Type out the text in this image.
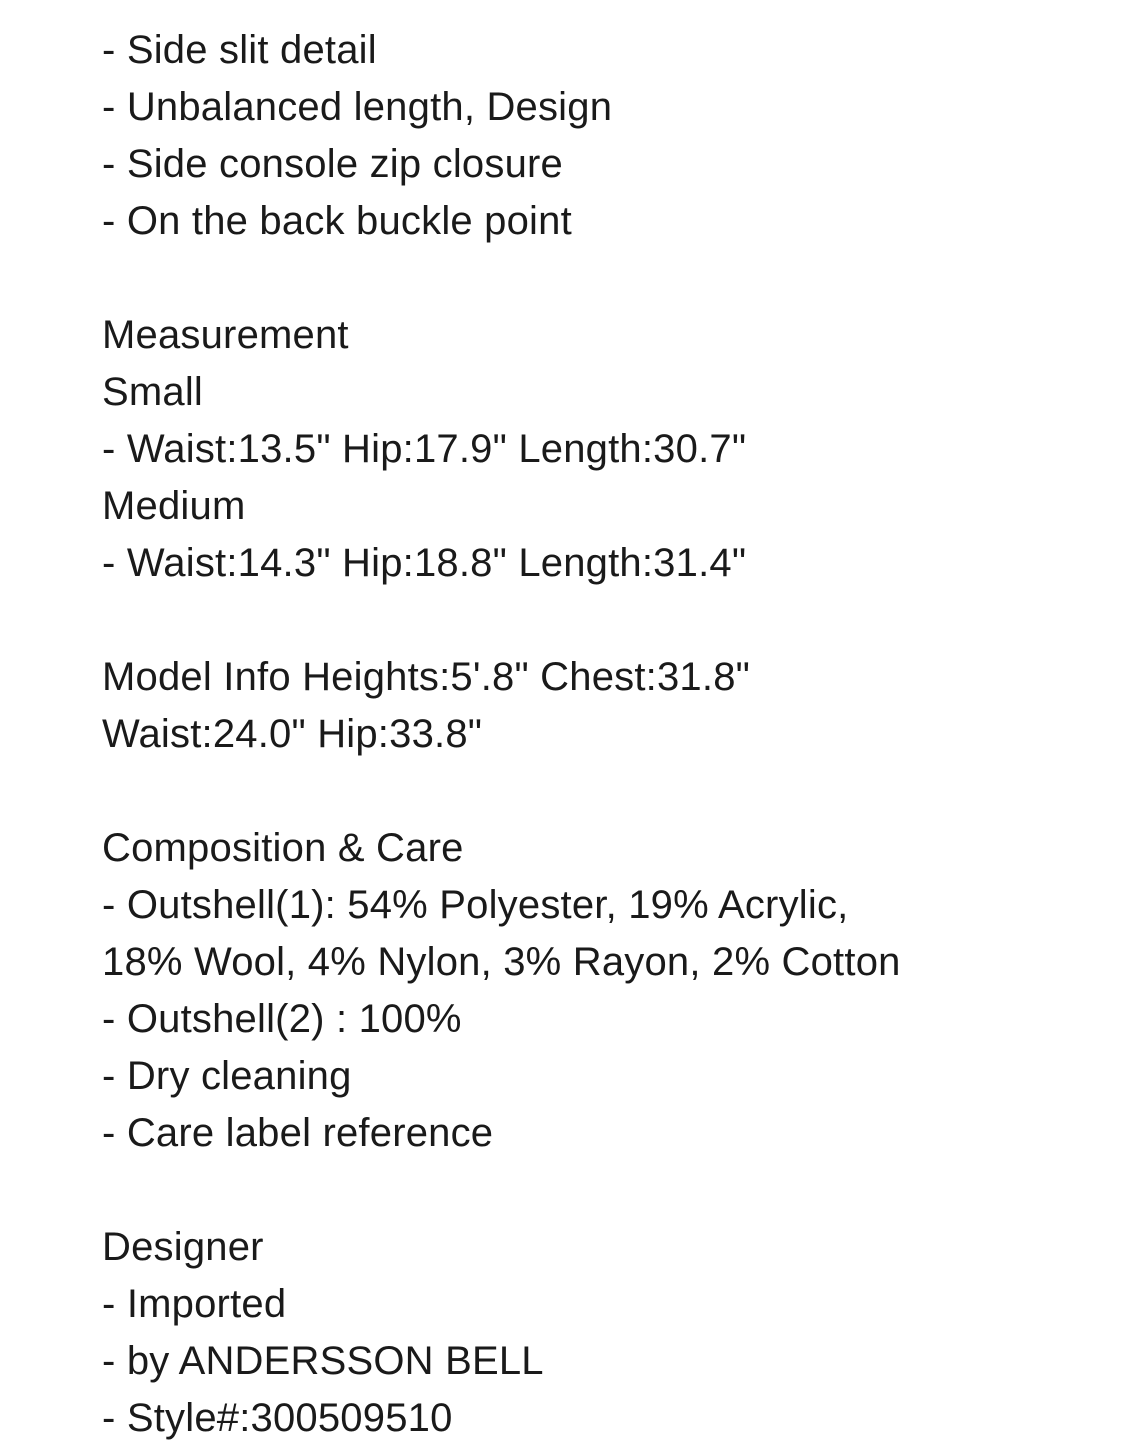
- Side slit detail
- Unbalanced length, Design
- Side console zip closure
- On the back buckle point
Measurement
Small
- Waist:13.5" Hip:17.9" Length:30.7"
Medium
- Waist:14.3" Hip:18.8" Length:31.4"
Model Info Heights:5'.8" Chest:31.8"
Waist:24.0" Hip:33.8"
Composition & Care
- Outshell(1): 54% Polyester, 19% Acrylic,
18% Wool, 4% Nylon, 3% Rayon, 2% Cotton
- Outshell(2) : 100%
- Dry cleaning
- Care label reference
Designer
- Imported
- by ANDERSSON BELL
- Style#:300509510
